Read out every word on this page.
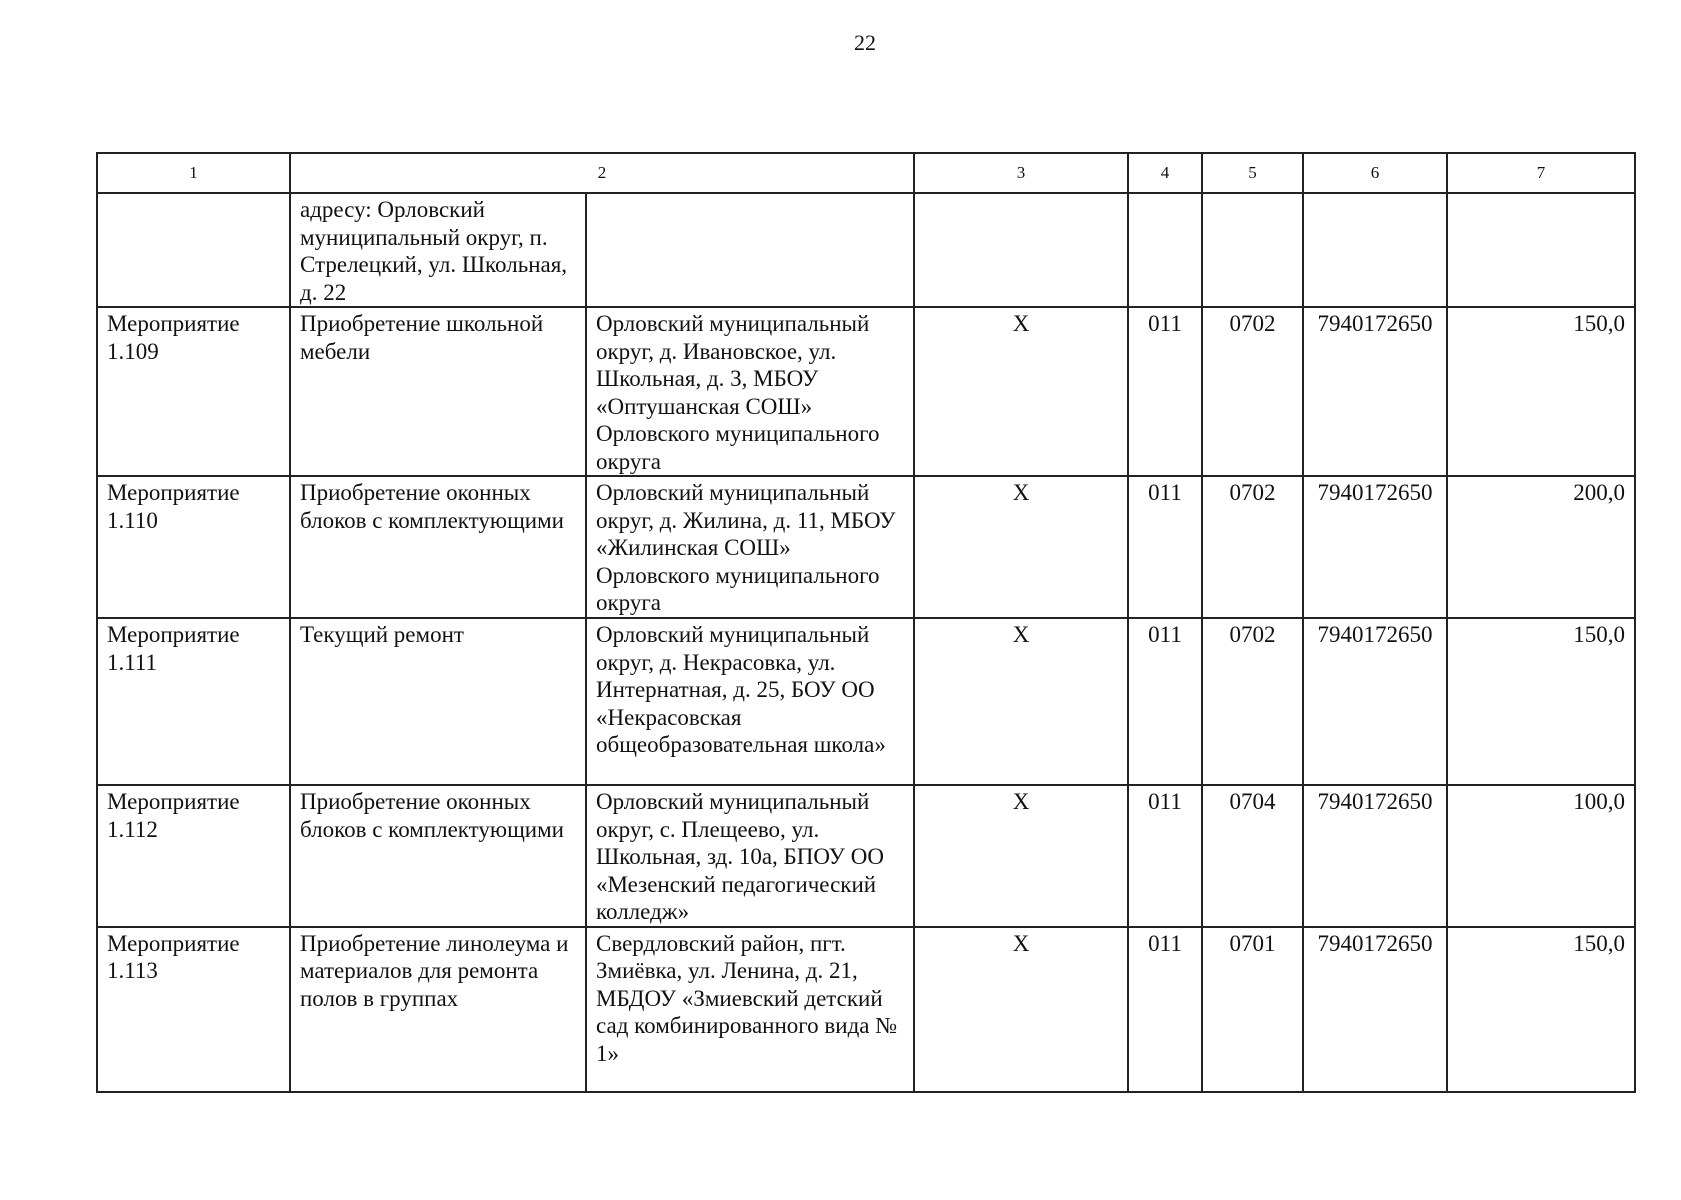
22
1	2		3	4	5	6	7
	адресу: Орловский муниципальный округ, п. Стрелецкий, ул. Школьная, д. 22						
Мероприятие 1.109	Приобретение школьной мебели	Орловский муниципальный округ, д. Ивановское, ул. Школьная, д. 3, МБОУ «Оптушанская СОШ» Орловского муниципального округа	X	011	0702	7940172650	150,0
Мероприятие 1.110	Приобретение оконных блоков с комплектующими	Орловский муниципальный округ, д. Жилина, д. 11, МБОУ «Жилинская СОШ» Орловского муниципального округа	X	011	0702	7940172650	200,0
Мероприятие 1.111	Текущий ремонт	Орловский муниципальный округ, д. Некрасовка, ул. Интернатная, д. 25, БОУ ОО «Некрасовская общеобразовательная школа»	X	011	0702	7940172650	150,0
Мероприятие 1.112	Приобретение оконных блоков с комплектующими	Орловский муниципальный округ, с. Плещеево, ул. Школьная, зд. 10а, БПОУ ОО «Мезенский педагогический колледж»	X	011	0704	7940172650	100,0
Мероприятие 1.113	Приобретение линолеума и материалов для ремонта полов в группах	Свердловский район, пгт. Змиёвка, ул. Ленина, д. 21, МБДОУ «Змиевский детский сад комбинированного вида № 1»	X	011	0701	7940172650	150,0
